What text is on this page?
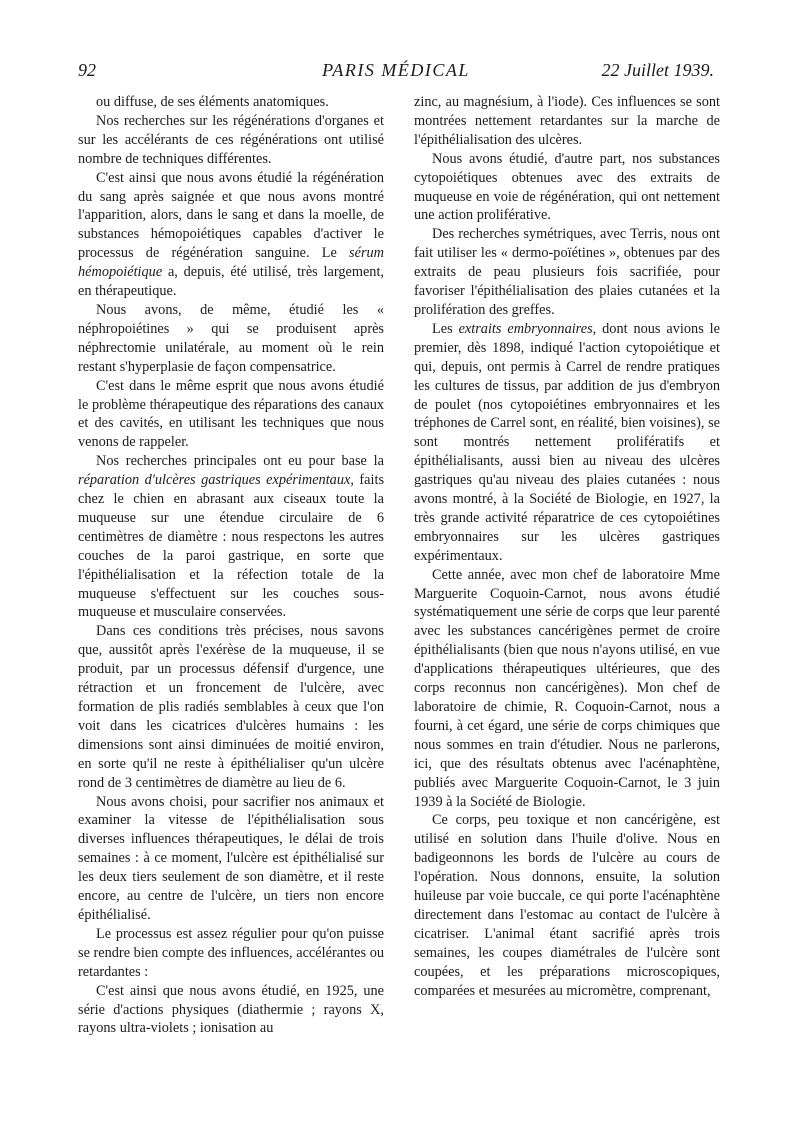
92	PARIS MÉDICAL	22 Juillet 1939.

ou diffuse, de ses éléments anatomiques.

Nos recherches sur les régénérations d'organes et sur les accélérants de ces régénérations ont utilisé nombre de techniques différentes.

C'est ainsi que nous avons étudié la régénération du sang après saignée et que nous avons montré l'apparition, alors, dans le sang et dans la moelle, de substances hémopoiétiques capables d'activer le processus de régénération sanguine. Le sérum hémopoiétique a, depuis, été utilisé, très largement, en thérapeutique.

Nous avons, de même, étudié les « néphropoiétines » qui se produisent après néphrectomie unilatérale, au moment où le rein restant s'hyperplasie de façon compensatrice.

C'est dans le même esprit que nous avons étudié le problème thérapeutique des réparations des canaux et des cavités, en utilisant les techniques que nous venons de rappeler.

Nos recherches principales ont eu pour base la réparation d'ulcères gastriques expérimentaux, faits chez le chien en abrasant aux ciseaux toute la muqueuse sur une étendue circulaire de 6 centimètres de diamètre : nous respectons les autres couches de la paroi gastrique, en sorte que l'épithélialisation et la réfection totale de la muqueuse s'effectuent sur les couches sous-muqueuse et musculaire conservées.

Dans ces conditions très précises, nous savons que, aussitôt après l'exérèse de la muqueuse, il se produit, par un processus défensif d'urgence, une rétraction et un froncement de l'ulcère, avec formation de plis radiés semblables à ceux que l'on voit dans les cicatrices d'ulcères humains : les dimensions sont ainsi diminuées de moitié environ, en sorte qu'il ne reste à épithélialiser qu'un ulcère rond de 3 centimètres de diamètre au lieu de 6.

Nous avons choisi, pour sacrifier nos animaux et examiner la vitesse de l'épithélialisation sous diverses influences thérapeutiques, le délai de trois semaines : à ce moment, l'ulcère est épithélialisé sur les deux tiers seulement de son diamètre, et il reste encore, au centre de l'ulcère, un tiers non encore épithélialisé.

Le processus est assez régulier pour qu'on puisse se rendre bien compte des influences, accélérantes ou retardantes :

C'est ainsi que nous avons étudié, en 1925, une série d'actions physiques (diathermie ; rayons X, rayons ultra-violets ; ionisation au

zinc, au magnésium, à l'iode). Ces influences se sont montrées nettement retardantes sur la marche de l'épithélialisation des ulcères.

Nous avons étudié, d'autre part, nos substances cytopoiétiques obtenues avec des extraits de muqueuse en voie de régénération, qui ont nettement une action proliférative.

Des recherches symétriques, avec Terris, nous ont fait utiliser les « dermo-poïétines », obtenues par des extraits de peau plusieurs fois sacrifiée, pour favoriser l'épithélialisation des plaies cutanées et la prolifération des greffes.

Les extraits embryonnaires, dont nous avions le premier, dès 1898, indiqué l'action cytopoiétique et qui, depuis, ont permis à Carrel de rendre pratiques les cultures de tissus, par addition de jus d'embryon de poulet (nos cytopoiétines embryonnaires et les tréphones de Carrel sont, en réalité, bien voisines), se sont montrés nettement prolifératifs et épithélialisants, aussi bien au niveau des ulcères gastriques qu'au niveau des plaies cutanées : nous avons montré, à la Société de Biologie, en 1927, la très grande activité réparatrice de ces cytopoiétines embryonnaires sur les ulcères gastriques expérimentaux.

Cette année, avec mon chef de laboratoire Mme Marguerite Coquoin-Carnot, nous avons étudié systématiquement une série de corps que leur parenté avec les substances cancérigènes permet de croire épithélialisants (bien que nous n'ayons utilisé, en vue d'applications thérapeutiques ultérieures, que des corps reconnus non cancérigènes). Mon chef de laboratoire de chimie, R. Coquoin-Carnot, nous a fourni, à cet égard, une série de corps chimiques que nous sommes en train d'étudier. Nous ne parlerons, ici, que des résultats obtenus avec l'acénaphtène, publiés avec Marguerite Coquoin-Carnot, le 3 juin 1939 à la Société de Biologie.

Ce corps, peu toxique et non cancérigène, est utilisé en solution dans l'huile d'olive. Nous en badigeonnons les bords de l'ulcère au cours de l'opération. Nous donnons, ensuite, la solution huileuse par voie buccale, ce qui porte l'acénaphtène directement dans l'estomac au contact de l'ulcère à cicatriser. L'animal étant sacrifié après trois semaines, les coupes diamétrales de l'ulcère sont coupées, et les préparations microscopiques, comparées et mesurées au micromètre, comprenant,
